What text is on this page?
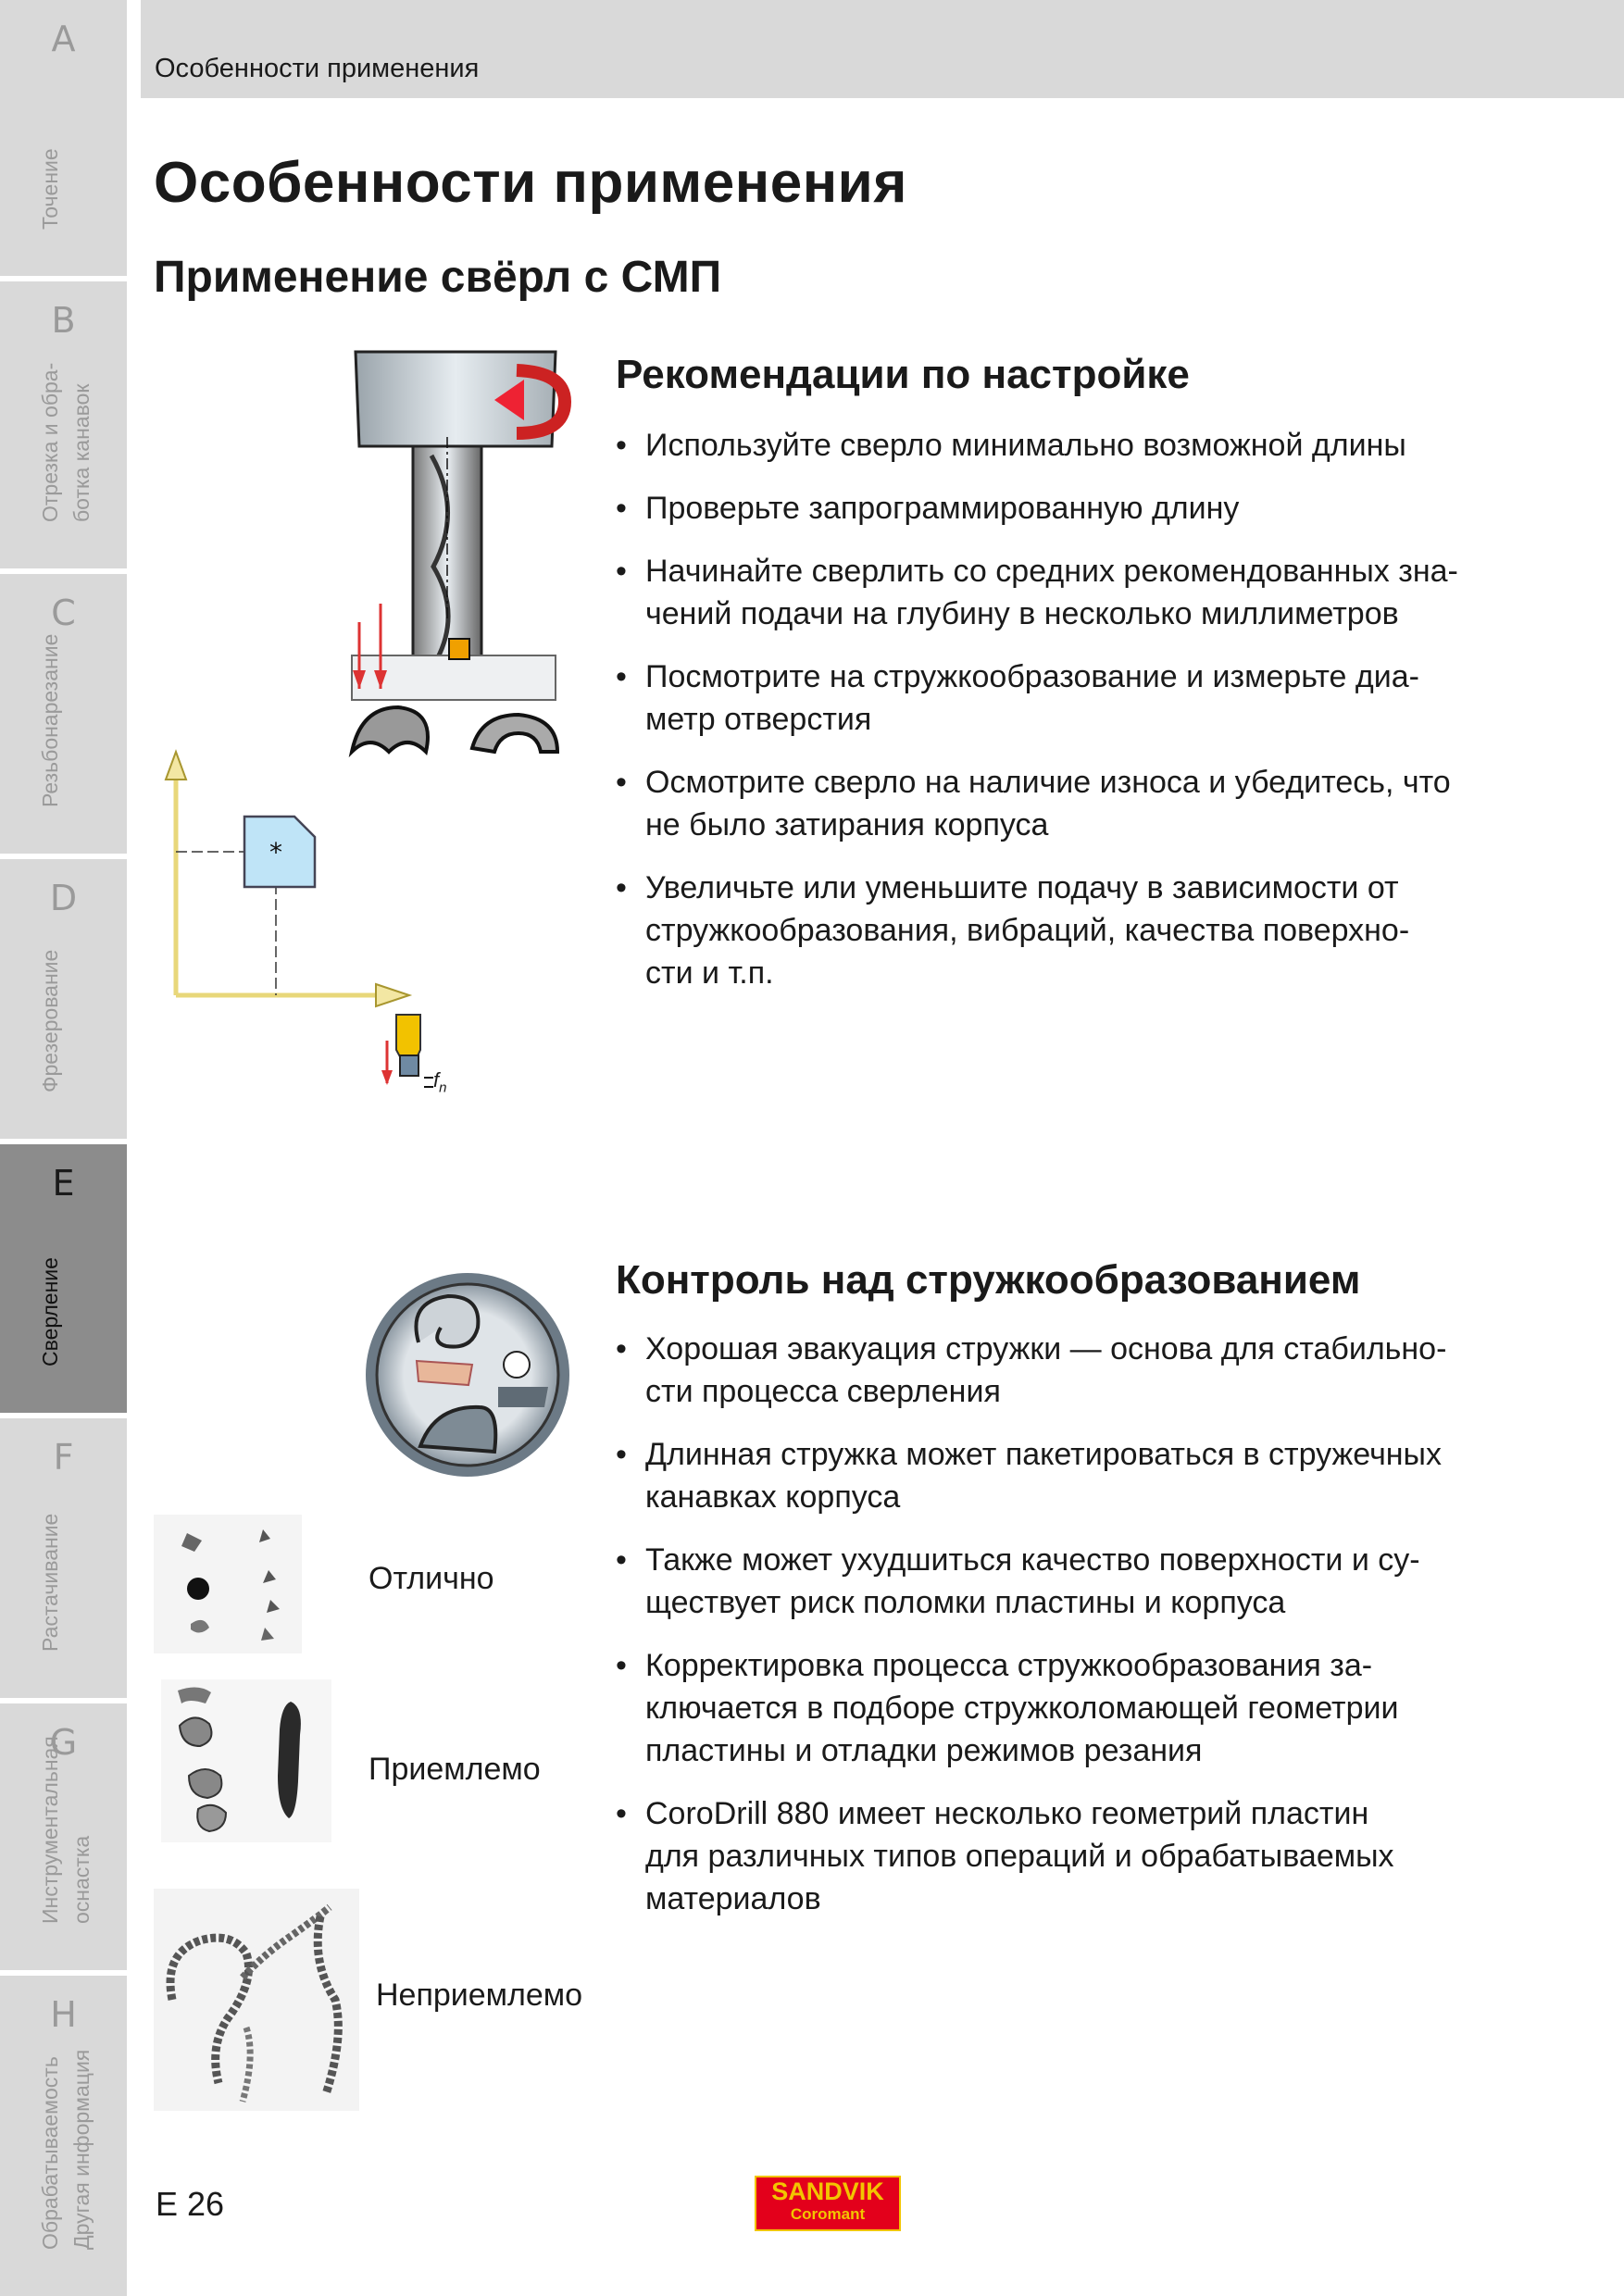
A
Точение
B
Отрезка и обра- ботка канавок
C
Резьбонарезание
D
Фрезерование
E
Сверление
F
Растачивание
G
Инструментальная оснастка
H
Обрабатываемость Другая информация
Особенности применения
Особенности применения
Применение свёрл с СМП
*
$f_n$
Рекомендации по настройке
• Используйте сверло минимально возможной длины
• Проверьте запрограммированную длину
• Начинайте сверлить со средних рекомендованных зна-
чений подачи на глубину в несколько миллиметров
• Посмотрите на стружкообразование и измерьте диа-
метр отверстия
• Осмотрите сверло на наличие износа и убедитесь, что
не было затирания корпуса
• Увеличьте или уменьшите подачу в зависимости от
стружкообразования, вибраций, качества поверхно-
сти и т.п.
Отлично
Приемлемо
Неприемлемо
Контроль над стружкообразованием
• Хорошая эвакуация стружки — основа для стабильно-
сти процесса сверления
• Длинная стружка может пакетироваться в стружечных
канавках корпуса
• Также может ухудшиться качество поверхности и су-
ществует риск поломки пластины и корпуса
• Корректировка процесса стружкообразования за-
ключается в подборе стружколомающей геометрии
пластины и отладки режимов резания
• CoroDrill 880 имеет несколько геометрий пластин
для различных типов операций и обрабатываемых
материалов
E 26	SANDVIK
Coromant
